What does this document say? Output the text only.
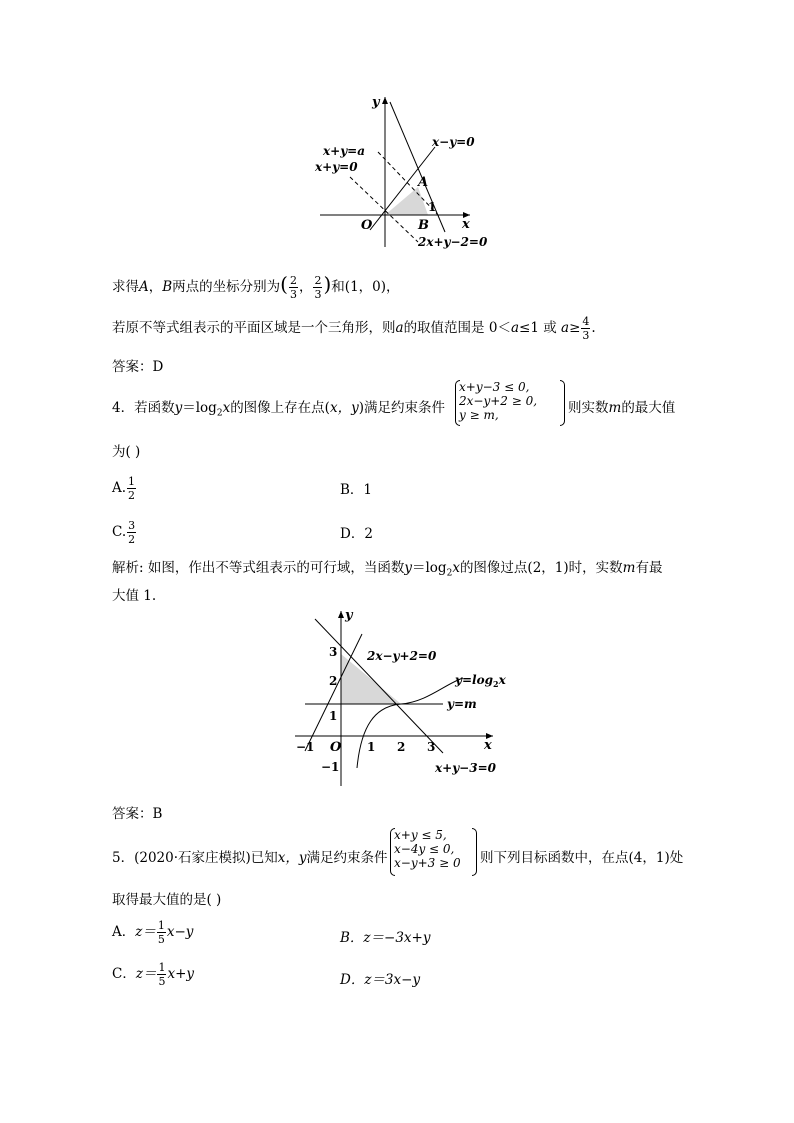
y
x
O
x−y=0
x+y=a
x+y=0
A
B
1
2x+y−2=0
求得A，B两点的坐标分别为( $\frac{2}{3}$ ， $\frac{2}{3}$ )和(1，0)，
若原不等式组表示的平面区域是一个三角形，则a的取值范围是 0＜a≤1 或 $a\ge \frac{4}{3}$ .
答案：D
4．若函数$y=\log_2x$的图像上存在点(x，y)满足约束条件
x+y−3 ≤ 0,
2x−y+2 ≥ 0,
y ≥ m,	则实数m的最大值
为( )
A. $\frac{1}{2}$	B．1
C. $\frac{3}{2}$	D．2
解析: 如图，作出不等式组表示的可行域，当函数$y=\log_2x$的图像过点(2，1)时，实数m有最
大值 1.
y
x
O
3
2
1
−1
−1	1 2 3
2x−y+2=0
$y=\log_2x$
y=m
x+y−3=0
答案：B
5．(2020·石家庄模拟)已知x，y满足约束条件
x+y ≤ 5,
x−4y ≤ 0,
x−y+3 ≥ 0 则下列目标函数中，在点(4，1)处
取得最大值的是( )
A．$z= \frac{1}{5} x-y$	B．z＝−3x+y
C．$z= \frac{1}{5} x+y$	D．z＝3x−y
